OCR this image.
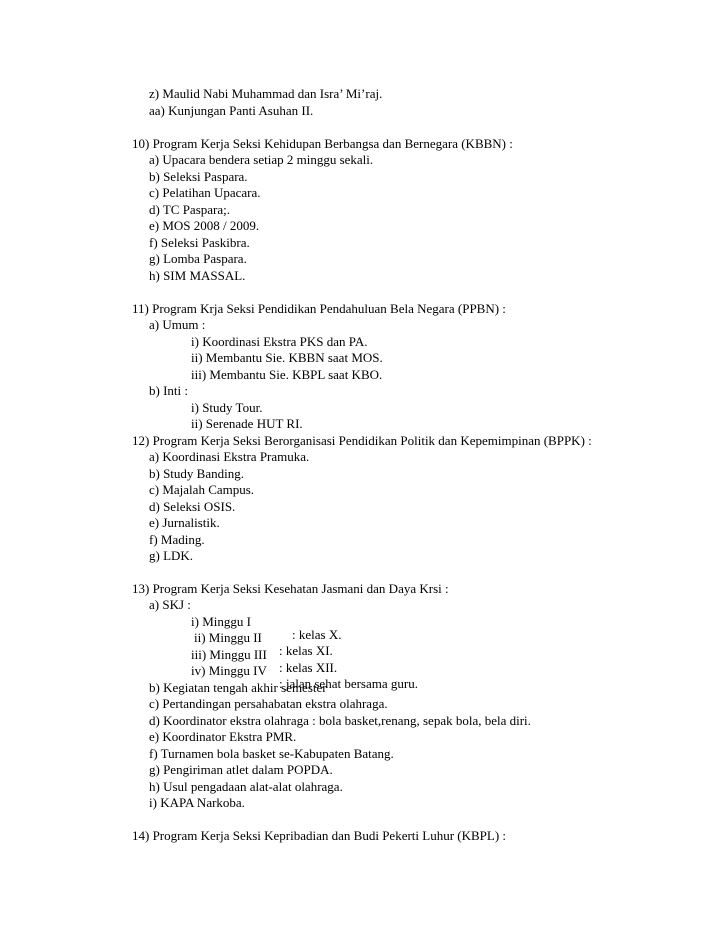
z) Maulid Nabi Muhammad dan Isra’ Mi’raj.

aa) Kunjungan Panti Asuhan II.

10) Program Kerja Seksi Kehidupan Berbangsa dan Bernegara (KBBN) :

a) Upacara bendera setiap 2 minggu sekali.

b) Seleksi Paspara.

c) Pelatihan Upacara.

d) TC Paspara;.

e) MOS 2008 / 2009.

f) Seleksi Paskibra.

g) Lomba Paspara.

h) SIM MASSAL.

11) Program Krja Seksi Pendidikan Pendahuluan Bela Negara (PPBN) :

a) Umum :

i) Koordinasi Ekstra PKS dan PA.

ii) Membantu Sie. KBBN saat MOS.

iii) Membantu Sie. KBPL saat KBO.

b) Inti :

i) Study Tour.

ii) Serenade HUT RI.

12) Program Kerja Seksi Berorganisasi Pendidikan Politik dan Kepemimpinan (BPPK) :

a) Koordinasi Ekstra Pramuka.

b) Study Banding.

c) Majalah Campus.

d) Seleksi OSIS.

e) Jurnalistik.

f) Mading.

g) LDK.

13) Program Kerja Seksi Kesehatan Jasmani dan Daya Krsi :

a) SKJ :

i) Minggu I

: kelas X.

ii) Minggu II

: kelas XI.

iii) Minggu III

: kelas XII.

iv) Minggu IV

: jalan sehat bersama guru.

b) Kegiatan tengah akhir semester

c) Pertandingan persahabatan ekstra olahraga.

d) Koordinator ekstra olahraga : bola basket,renang, sepak bola, bela diri.

e) Koordinator Ekstra PMR.

f) Turnamen bola basket se-Kabupaten Batang.

g) Pengiriman atlet dalam POPDA.

h) Usul pengadaan alat-alat olahraga.

i) KAPA Narkoba.

14) Program Kerja Seksi Kepribadian dan Budi Pekerti Luhur (KBPL) :
